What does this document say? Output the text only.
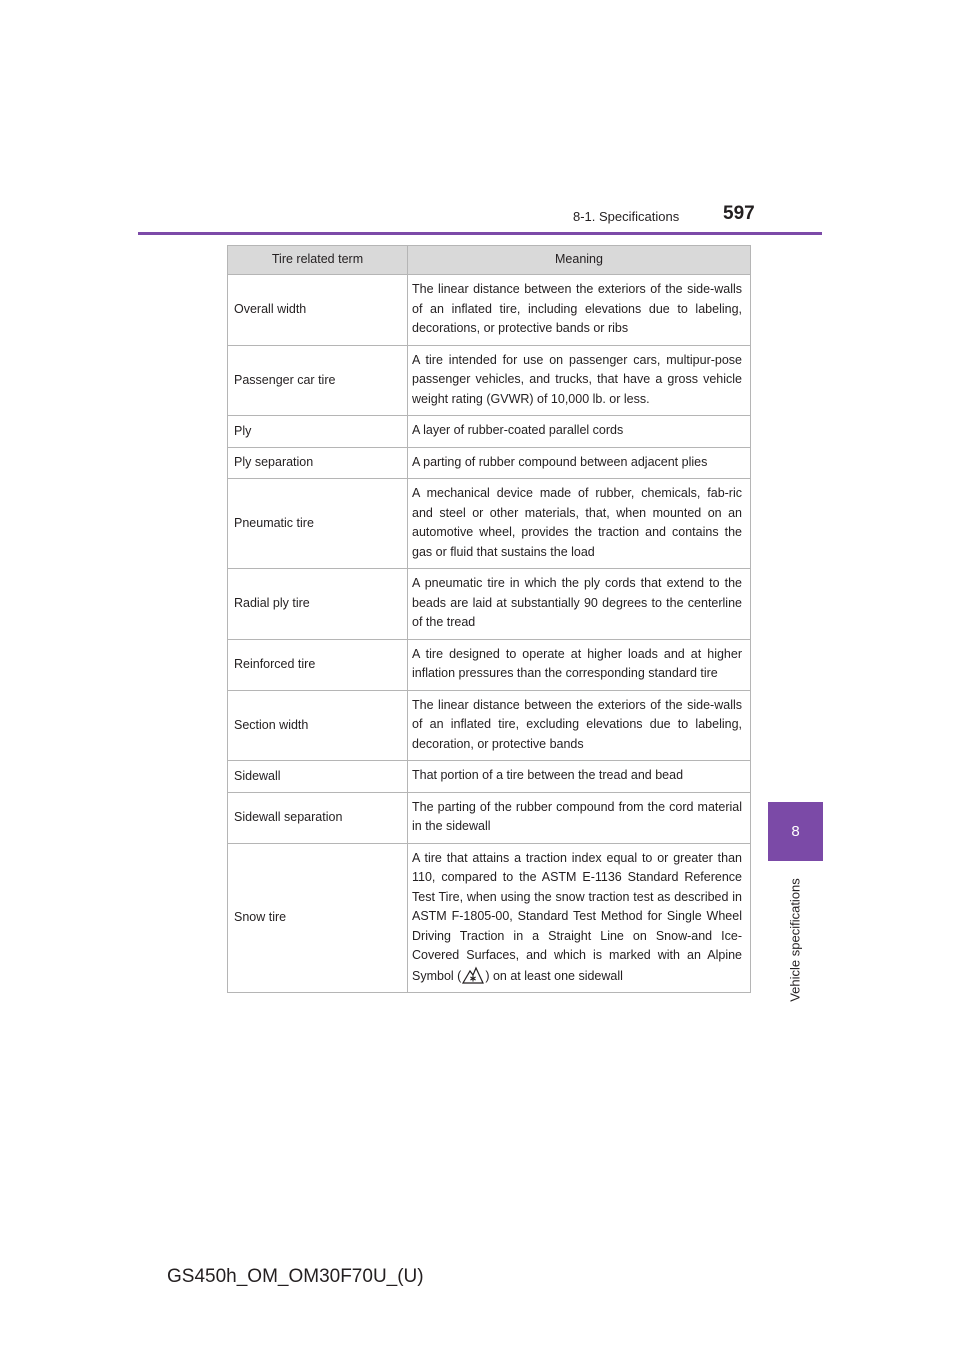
8-1. Specifications 597
8
Vehicle specifications
Tire related term	Meaning
Overall width	The linear distance between the exteriors of the side-walls of an inflated tire, including elevations due to labeling, decorations, or protective bands or ribs
Passenger car tire	A tire intended for use on passenger cars, multipur-pose passenger vehicles, and trucks, that have a gross vehicle weight rating (GVWR) of 10,000 lb. or less.
Ply	A layer of rubber-coated parallel cords
Ply separation	A parting of rubber compound between adjacent plies
Pneumatic tire	A mechanical device made of rubber, chemicals, fab-ric and steel or other materials, that, when mounted on an automotive wheel, provides the traction and contains the gas or fluid that sustains the load
Radial ply tire	A pneumatic tire in which the ply cords that extend to the beads are laid at substantially 90 degrees to the centerline of the tread
Reinforced tire	A tire designed to operate at higher loads and at higher inflation pressures than the corresponding standard tire
Section width	The linear distance between the exteriors of the side-walls of an inflated tire, excluding elevations due to labeling, decoration, or protective bands
Sidewall	That portion of a tire between the tread and bead
Sidewall separation	The parting of the rubber compound from the cord material in the sidewall
Snow tire	A tire that attains a traction index equal to or greater than 110, compared to the ASTM E-1136 Standard Reference Test Tire, when using the snow traction test as described in ASTM F-1805-00, Standard Test Method for Single Wheel Driving Traction in a Straight Line on Snow-and Ice-Covered Surfaces, and which is marked with an Alpine Symbol ( ) on at least one sidewall
GS450h_OM_OM30F70U_(U)
